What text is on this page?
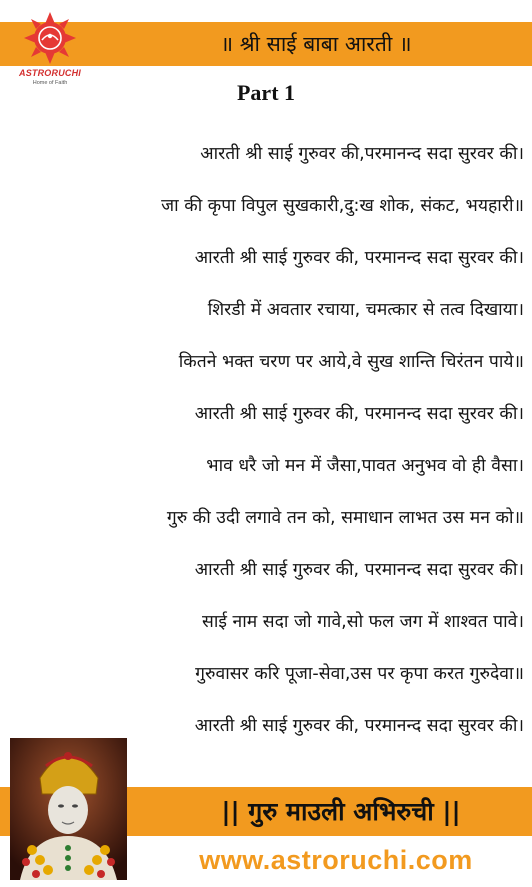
॥ श्री साई बाबा आरती ॥
ASTRORUCHI
Home of Faith	Part 1
आरती श्री साई गुरुवर की,परमानन्द सदा सुरवर की।
जा की कृपा विपुल सुखकारी,दु:ख शोक, संकट, भयहारी॥
आरती श्री साई गुरुवर की, परमानन्द सदा सुरवर की।
शिरडी में अवतार रचाया, चमत्कार से तत्व दिखाया।
कितने भक्त चरण पर आये,वे सुख शान्ति चिरंतन पाये॥
आरती श्री साई गुरुवर की, परमानन्द सदा सुरवर की।
भाव धरै जो मन में जैसा,पावत अनुभव वो ही वैसा।
गुरु की उदी लगावे तन को, समाधान लाभत उस मन को॥
आरती श्री साई गुरुवर की, परमानन्द सदा सुरवर की।
साई नाम सदा जो गावे,सो फल जग में शाश्वत पावे।
गुरुवासर करि पूजा-सेवा,उस पर कृपा करत गुरुदेवा॥
आरती श्री साई गुरुवर की, परमानन्द सदा सुरवर की।
|| गुरु माउली अभिरुची ||
www.astroruchi.com
